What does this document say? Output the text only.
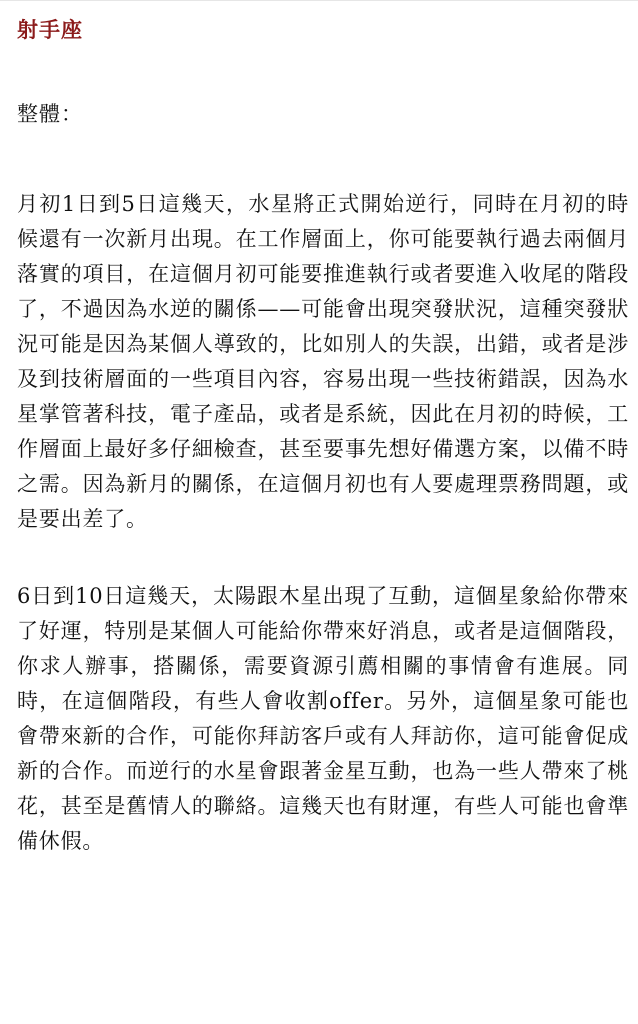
射手座

整體：

月初1日到5日這幾天，水星將正式開始逆行，同時在月初的時候還有一次新月出現。在工作層面上，你可能要執行過去兩個月落實的項目，在這個月初可能要推進執行或者要進入收尾的階段了，不過因為水逆的關係——可能會出現突發狀況，這種突發狀況可能是因為某個人導致的，比如別人的失誤，出錯，或者是涉及到技術層面的一些項目內容，容易出現一些技術錯誤，因為水星掌管著科技，電子產品，或者是系統，因此在月初的時候，工作層面上最好多仔細檢查，甚至要事先想好備選方案，以備不時之需。因為新月的關係，在這個月初也有人要處理票務問題，或是要出差了。

6日到10日這幾天，太陽跟木星出現了互動，這個星象給你帶來了好運，特別是某個人可能給你帶來好消息，或者是這個階段，你求人辦事，搭關係，需要資源引薦相關的事情會有進展。同時，在這個階段，有些人會收割offer。另外，這個星象可能也會帶來新的合作，可能你拜訪客戶或有人拜訪你，這可能會促成新的合作。而逆行的水星會跟著金星互動，也為一些人帶來了桃花，甚至是舊情人的聯絡。這幾天也有財運，有些人可能也會準備休假。
